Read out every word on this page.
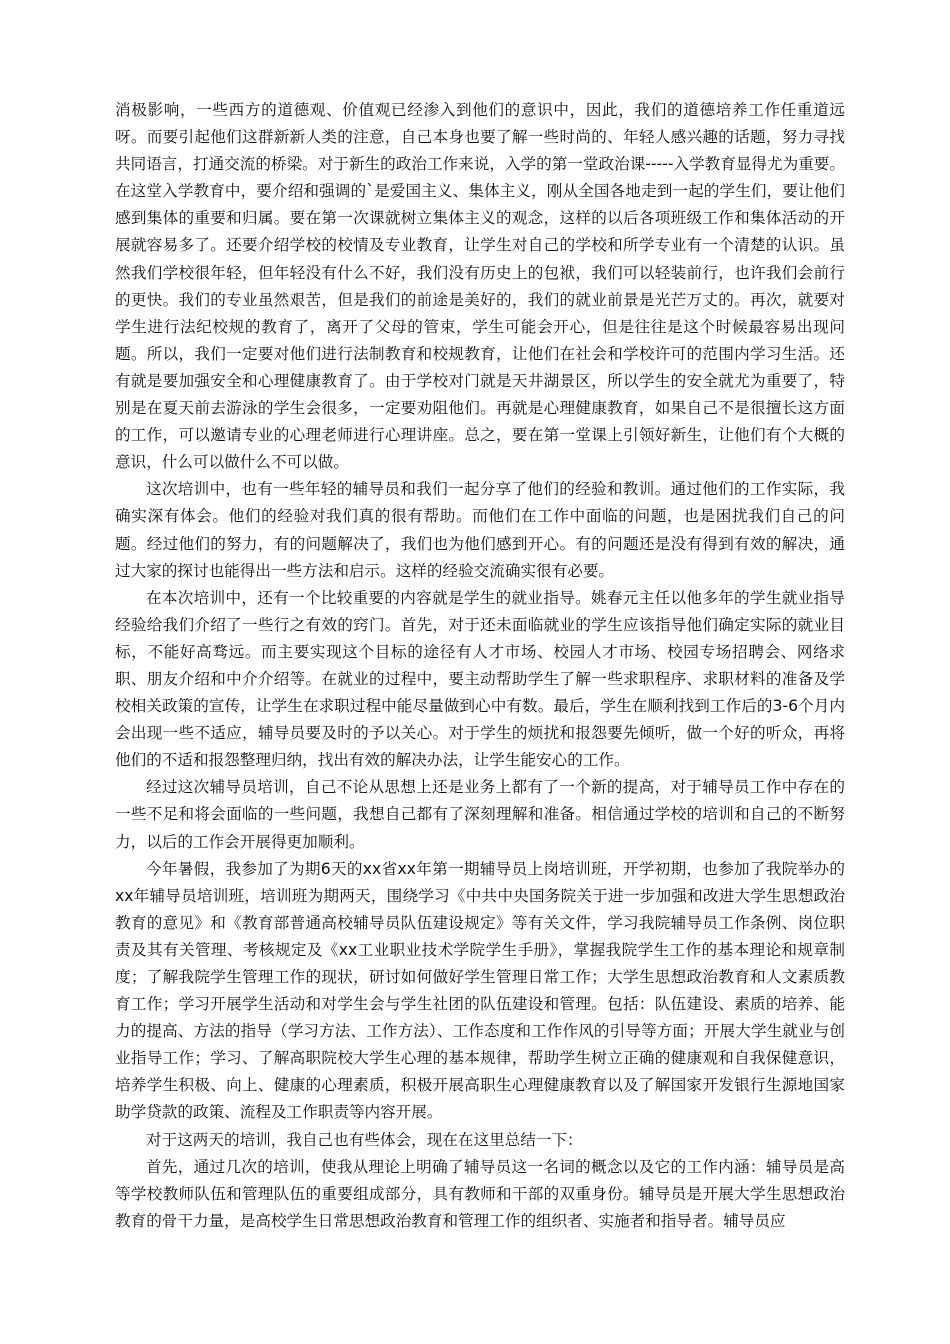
消极影响，一些西方的道德观、价值观已经渗入到他们的意识中，因此，我们的道德培养工作任重道远呀。而要引起他们这群新新人类的注意，自己本身也要了解一些时尚的、年轻人感兴趣的话题，努力寻找共同语言，打通交流的桥梁。对于新生的政治工作来说，入学的第一堂政治课-----入学教育显得尤为重要。在这堂入学教育中，要介绍和强调的`是爱国主义、集体主义，刚从全国各地走到一起的学生们，要让他们感到集体的重要和归属。要在第一次课就树立集体主义的观念，这样的以后各项班级工作和集体活动的开展就容易多了。还要介绍学校的校情及专业教育，让学生对自己的学校和所学专业有一个清楚的认识。虽然我们学校很年轻，但年轻没有什么不好，我们没有历史上的包袱，我们可以轻装前行，也许我们会前行的更快。我们的专业虽然艰苦，但是我们的前途是美好的，我们的就业前景是光芒万丈的。再次，就要对学生进行法纪校规的教育了，离开了父母的管束，学生可能会开心，但是往往是这个时候最容易出现问题。所以，我们一定要对他们进行法制教育和校规教育，让他们在社会和学校许可的范围内学习生活。还有就是要加强安全和心理健康教育了。由于学校对门就是天井湖景区，所以学生的安全就尤为重要了，特别是在夏天前去游泳的学生会很多，一定要劝阻他们。再就是心理健康教育，如果自己不是很擅长这方面的工作，可以邀请专业的心理老师进行心理讲座。总之，要在第一堂课上引领好新生，让他们有个大概的意识，什么可以做什么不可以做。

这次培训中，也有一些年轻的辅导员和我们一起分享了他们的经验和教训。通过他们的工作实际，我确实深有体会。他们的经验对我们真的很有帮助。而他们在工作中面临的问题，也是困扰我们自己的问题。经过他们的努力，有的问题解决了，我们也为他们感到开心。有的问题还是没有得到有效的解决，通过大家的探讨也能得出一些方法和启示。这样的经验交流确实很有必要。

在本次培训中，还有一个比较重要的内容就是学生的就业指导。姚春元主任以他多年的学生就业指导经验给我们介绍了一些行之有效的窍门。首先，对于还未面临就业的学生应该指导他们确定实际的就业目标，不能好高骛远。而主要实现这个目标的途径有人才市场、校园人才市场、校园专场招聘会、网络求职、朋友介绍和中介介绍等。在就业的过程中，要主动帮助学生了解一些求职程序、求职材料的准备及学校相关政策的宣传，让学生在求职过程中能尽量做到心中有数。最后，学生在顺利找到工作后的3-6个月内会出现一些不适应，辅导员要及时的予以关心。对于学生的烦扰和报怨要先倾听，做一个好的听众，再将他们的不适和报怨整理归纳，找出有效的解决办法，让学生能安心的工作。

经过这次辅导员培训，自己不论从思想上还是业务上都有了一个新的提高，对于辅导员工作中存在的一些不足和将会面临的一些问题，我想自己都有了深刻理解和准备。相信通过学校的培训和自己的不断努力，以后的工作会开展得更加顺利。

今年暑假，我参加了为期6天的xx省xx年第一期辅导员上岗培训班，开学初期，也参加了我院举办的xx年辅导员培训班，培训班为期两天，围绕学习《中共中央国务院关于进一步加强和改进大学生思想政治教育的意见》和《教育部普通高校辅导员队伍建设规定》等有关文件，学习我院辅导员工作条例、岗位职责及其有关管理、考核规定及《xx工业职业技术学院学生手册》，掌握我院学生工作的基本理论和规章制度；了解我院学生管理工作的现状，研讨如何做好学生管理日常工作；大学生思想政治教育和人文素质教育工作；学习开展学生活动和对学生会与学生社团的队伍建设和管理。包括：队伍建设、素质的培养、能力的提高、方法的指导（学习方法、工作方法）、工作态度和工作作风的引导等方面；开展大学生就业与创业指导工作；学习、了解高职院校大学生心理的基本规律，帮助学生树立正确的健康观和自我保健意识，培养学生积极、向上、健康的心理素质，积极开展高职生心理健康教育以及了解国家开发银行生源地国家助学贷款的政策、流程及工作职责等内容开展。

对于这两天的培训，我自己也有些体会，现在在这里总结一下：

首先，通过几次的培训，使我从理论上明确了辅导员这一名词的概念以及它的工作内涵：辅导员是高等学校教师队伍和管理队伍的重要组成部分，具有教师和干部的双重身份。辅导员是开展大学生思想政治教育的骨干力量，是高校学生日常思想政治教育和管理工作的组织者、实施者和指导者。辅导员应
